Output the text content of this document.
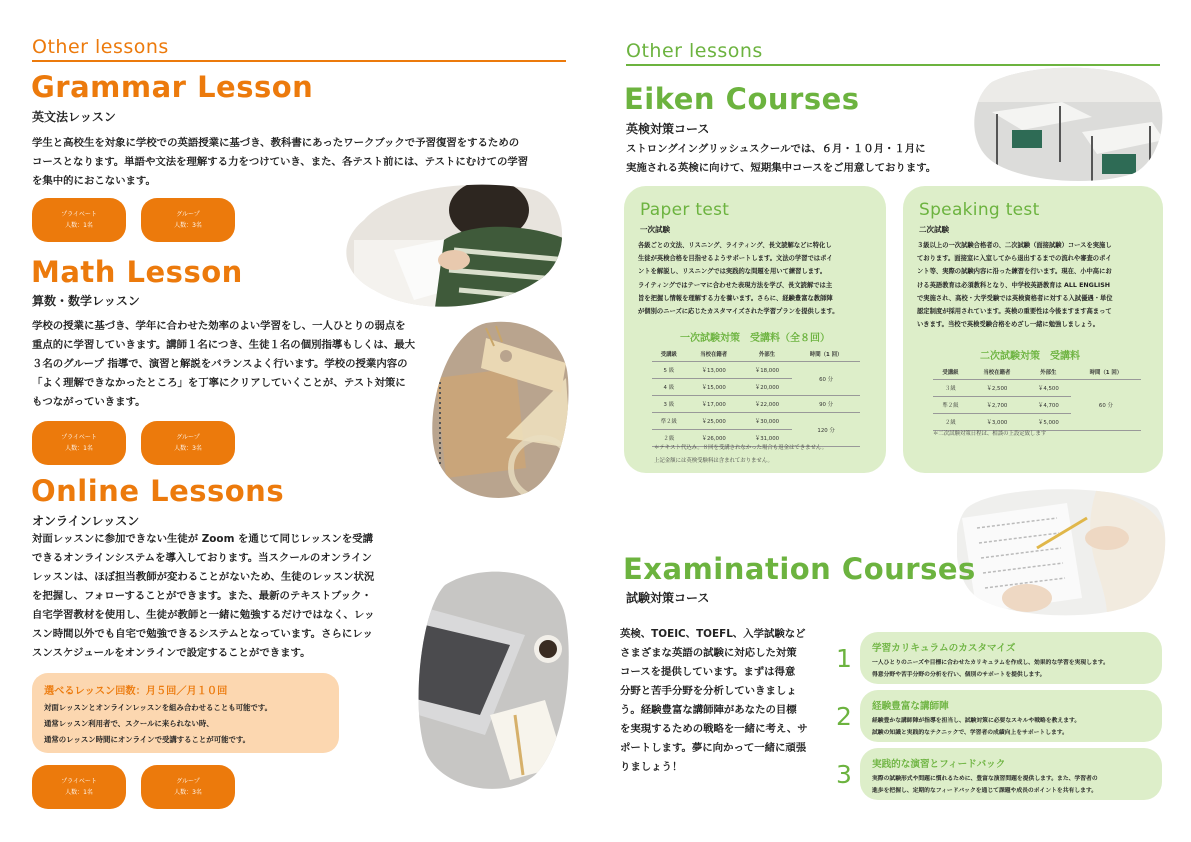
Other lessons
Grammar Lesson
英文法レッスン
学生と高校生を対象に学校での英語授業に基づき、教科書にあったワークブックで予習復習をするための
コースとなります。単語や文法を理解する力をつけていき、また、各テスト前には、テストにむけての学習
を集中的におこないます。
プライベート
人数：1名
グループ
人数：3名
Math Lesson
算数・数学レッスン
学校の授業に基づき、学年に合わせた効率のよい学習をし、一人ひとりの弱点を
重点的に学習していきます。講師１名につき、生徒１名の個別指導もしくは、最大
３名のグループ 指導で、演習と解説をバランスよく行います。学校の授業内容の
「よく理解できなかったところ」を丁寧にクリアしていくことが、テスト対策に
もつながっていきます。
プライベート
人数：1名
グループ
人数：3名
Online Lessons
オンラインレッスン
対面レッスンに参加できない生徒が Zoom を通じて同じレッスンを受講
できるオンラインシステムを導入しております。当スクールのオンライン
レッスンは、ほぼ担当教師が変わることがないため、生徒のレッスン状況
を把握し、フォローすることができます。また、最新のテキストブック・
自宅学習教材を使用し、生徒が教師と一緒に勉強するだけではなく、レッ
スン時間以外でも自宅で勉強できるシステムとなっています。さらにレッ
スンスケジュールをオンラインで設定することができます。
選べるレッスン回数：月５回／月１０回
対面レッスンとオンラインレッスンを組み合わせることも可能です。
通常レッスン利用者で、スクールに来られない時、
通常のレッスン時間にオンラインで受講することが可能です。
プライベート
人数：1名
グループ
人数：3名
Other lessons
Eiken Courses
英検対策コース
ストロングイングリッシュスクールでは、６月・１０月・１月に
実施される英検に向けて、短期集中コースをご用意しております。
Paper test
一次試験
各級ごとの文法、リスニング、ライティング、長文読解などに特化し
生徒が英検合格を目指せるようサポートします。文法の学習ではポイ
ントを解説し、リスニングでは実践的な問題を用いて練習します。
ライティングではテーマに合わせた表現方法を学び、長文読解では主
旨を把握し情報を理解する力を養います。さらに、経験豊富な教師陣
が個別のニーズに応じたカスタマイズされた学習プランを提供します。
一次試験対策　受講料（全８回）
受講級	当校在籍者	外部生	時間（1 回）
5 級	￥13,000	￥18,000	60 分
4 級	￥15,000	￥20,000	
3 級	￥17,000	￥22,000	90 分
準２級	￥25,000	￥30,000	120 分
２級	￥26,000	￥31,000	
＊テキスト代込み。８回を受講されなかった場合も返金はできません。
上記金額には英検受験料は含まれておりません。
Speaking test
二次試験
３級以上の一次試験合格者の、二次試験（面接試験）コースを実施し
ております。面接室に入室してから退出するまでの流れや審査のポイ
ント等、実際の試験内容に沿った練習を行います。現在、小中高にお
ける英語教育は必須教科となり、中学校英語教育は ALL ENGLISH
で実施され、高校・大学受験では英検資格者に対する入試優遇・単位
認定制度が採用されています。英検の重要性は今後ますます高まって
いきます。当校で英検受験合格をめざし一緒に勉強しましょう。
二次試験対策　受講料
受講級	当校在籍者	外部生	時間（1 回）
３級	￥2,500	￥4,500	60 分
準２級	￥2,700	￥4,700	
２級	￥3,000	￥5,000	
＊二次試験対策日程は、相談の上設定致します
Examination Courses
試験対策コース
英検、TOEIC、TOEFL、入学試験など
さまざまな英語の試験に対応した対策
コースを提供しています。まずは得意
分野と苦手分野を分析していきましょ
う。経験豊富な講師陣があなたの目標
を実現するための戦略を一緒に考え、サ
ポートします。夢に向かって一緒に頑張
りましょう！
1 学習カリキュラムのカスタマイズ
一人ひとりのニーズや目標に合わせたカリキュラムを作成し、効果的な学習を実現します。
得意分野や苦手分野の分析を行い、個別のサポートを提供します。
2 経験豊富な講師陣
経験豊かな講師陣が指導を担当し、試験対策に必要なスキルや戦略を教えます。
試験の知識と実践的なテクニックで、学習者の成績向上をサポートします。
3 実践的な演習とフィードバック
実際の試験形式や問題に慣れるために、豊富な演習問題を提供します。また、学習者の
進歩を把握し、定期的なフィードバックを通じて課題や成長のポイントを共有します。
